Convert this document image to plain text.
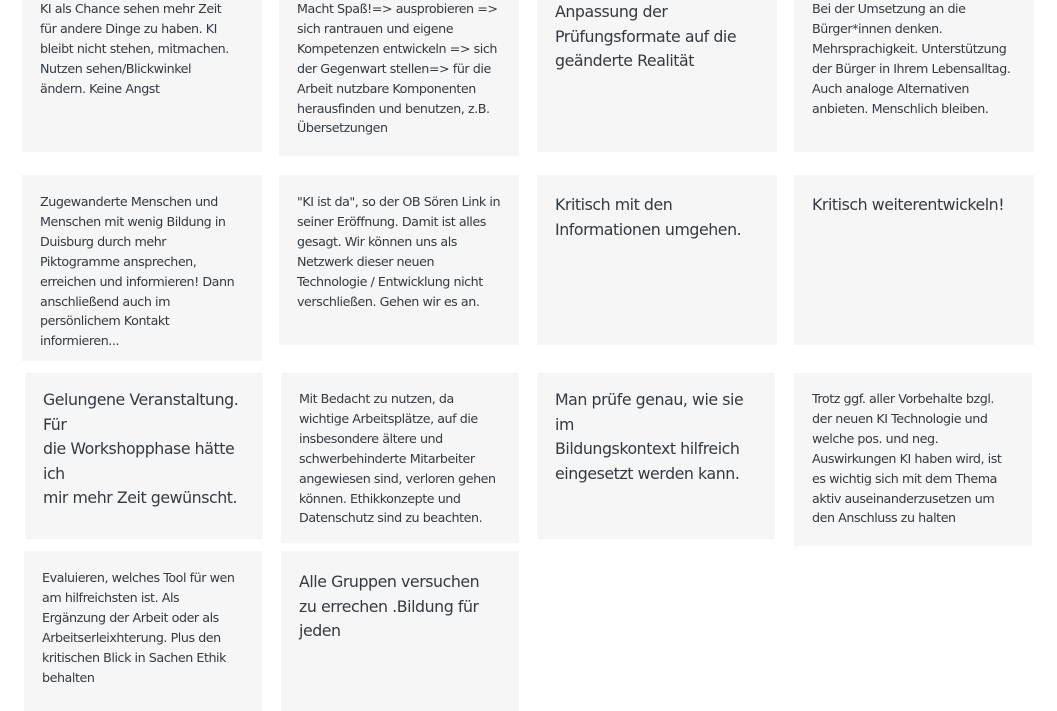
KI als Chance sehen mehr Zeit
für andere Dinge zu haben. KI
bleibt nicht stehen, mitmachen.
Nutzen sehen/Blickwinkel
ändern. Keine Angst

Macht Spaß!=> ausprobieren =>
sich rantrauen und eigene
Kompetenzen entwickeln => sich
der Gegenwart stellen=> für die
Arbeit nutzbare Komponenten
herausfinden und benutzen, z.B.
Übersetzungen

Anpassung der
Prüfungsformate auf die
geänderte Realität

Bei der Umsetzung an die
Bürger*innen denken.
Mehrsprachigkeit. Unterstützung
der Bürger in Ihrem Lebensalltag.
Auch analoge Alternativen
anbieten. Menschlich bleiben.

Zugewanderte Menschen und
Menschen mit wenig Bildung in
Duisburg durch mehr
Piktogramme ansprechen,
erreichen und informieren! Dann
anschließend auch im
persönlichem Kontakt
informieren...

"KI ist da", so der OB Sören Link in
seiner Eröffnung. Damit ist alles
gesagt. Wir können uns als
Netzwerk dieser neuen
Technologie / Entwicklung nicht
verschließen. Gehen wir es an.

Kritisch mit den
Informationen umgehen.

Kritisch weiterentwickeln!

Gelungene Veranstaltung. Für
die Workshopphase hätte ich
mir mehr Zeit gewünscht.

Mit Bedacht zu nutzen, da
wichtige Arbeitsplätze, auf die
insbesondere ältere und
schwerbehinderte Mitarbeiter
angewiesen sind, verloren gehen
können. Ethikkonzepte und
Datenschutz sind zu beachten.

Man prüfe genau, wie sie im
Bildungskontext hilfreich
eingesetzt werden kann.

Trotz ggf. aller Vorbehalte bzgl.
der neuen KI Technologie und
welche pos. und neg.
Auswirkungen KI haben wird, ist
es wichtig sich mit dem Thema
aktiv auseinanderzusetzen um
den Anschluss zu halten

Evaluieren, welches Tool für wen
am hilfreichsten ist. Als
Ergänzung der Arbeit oder als
Arbeitserleixhterung. Plus den
kritischen Blick in Sachen Ethik
behalten

Alle Gruppen versuchen
zu errechen .Bildung für
jeden
